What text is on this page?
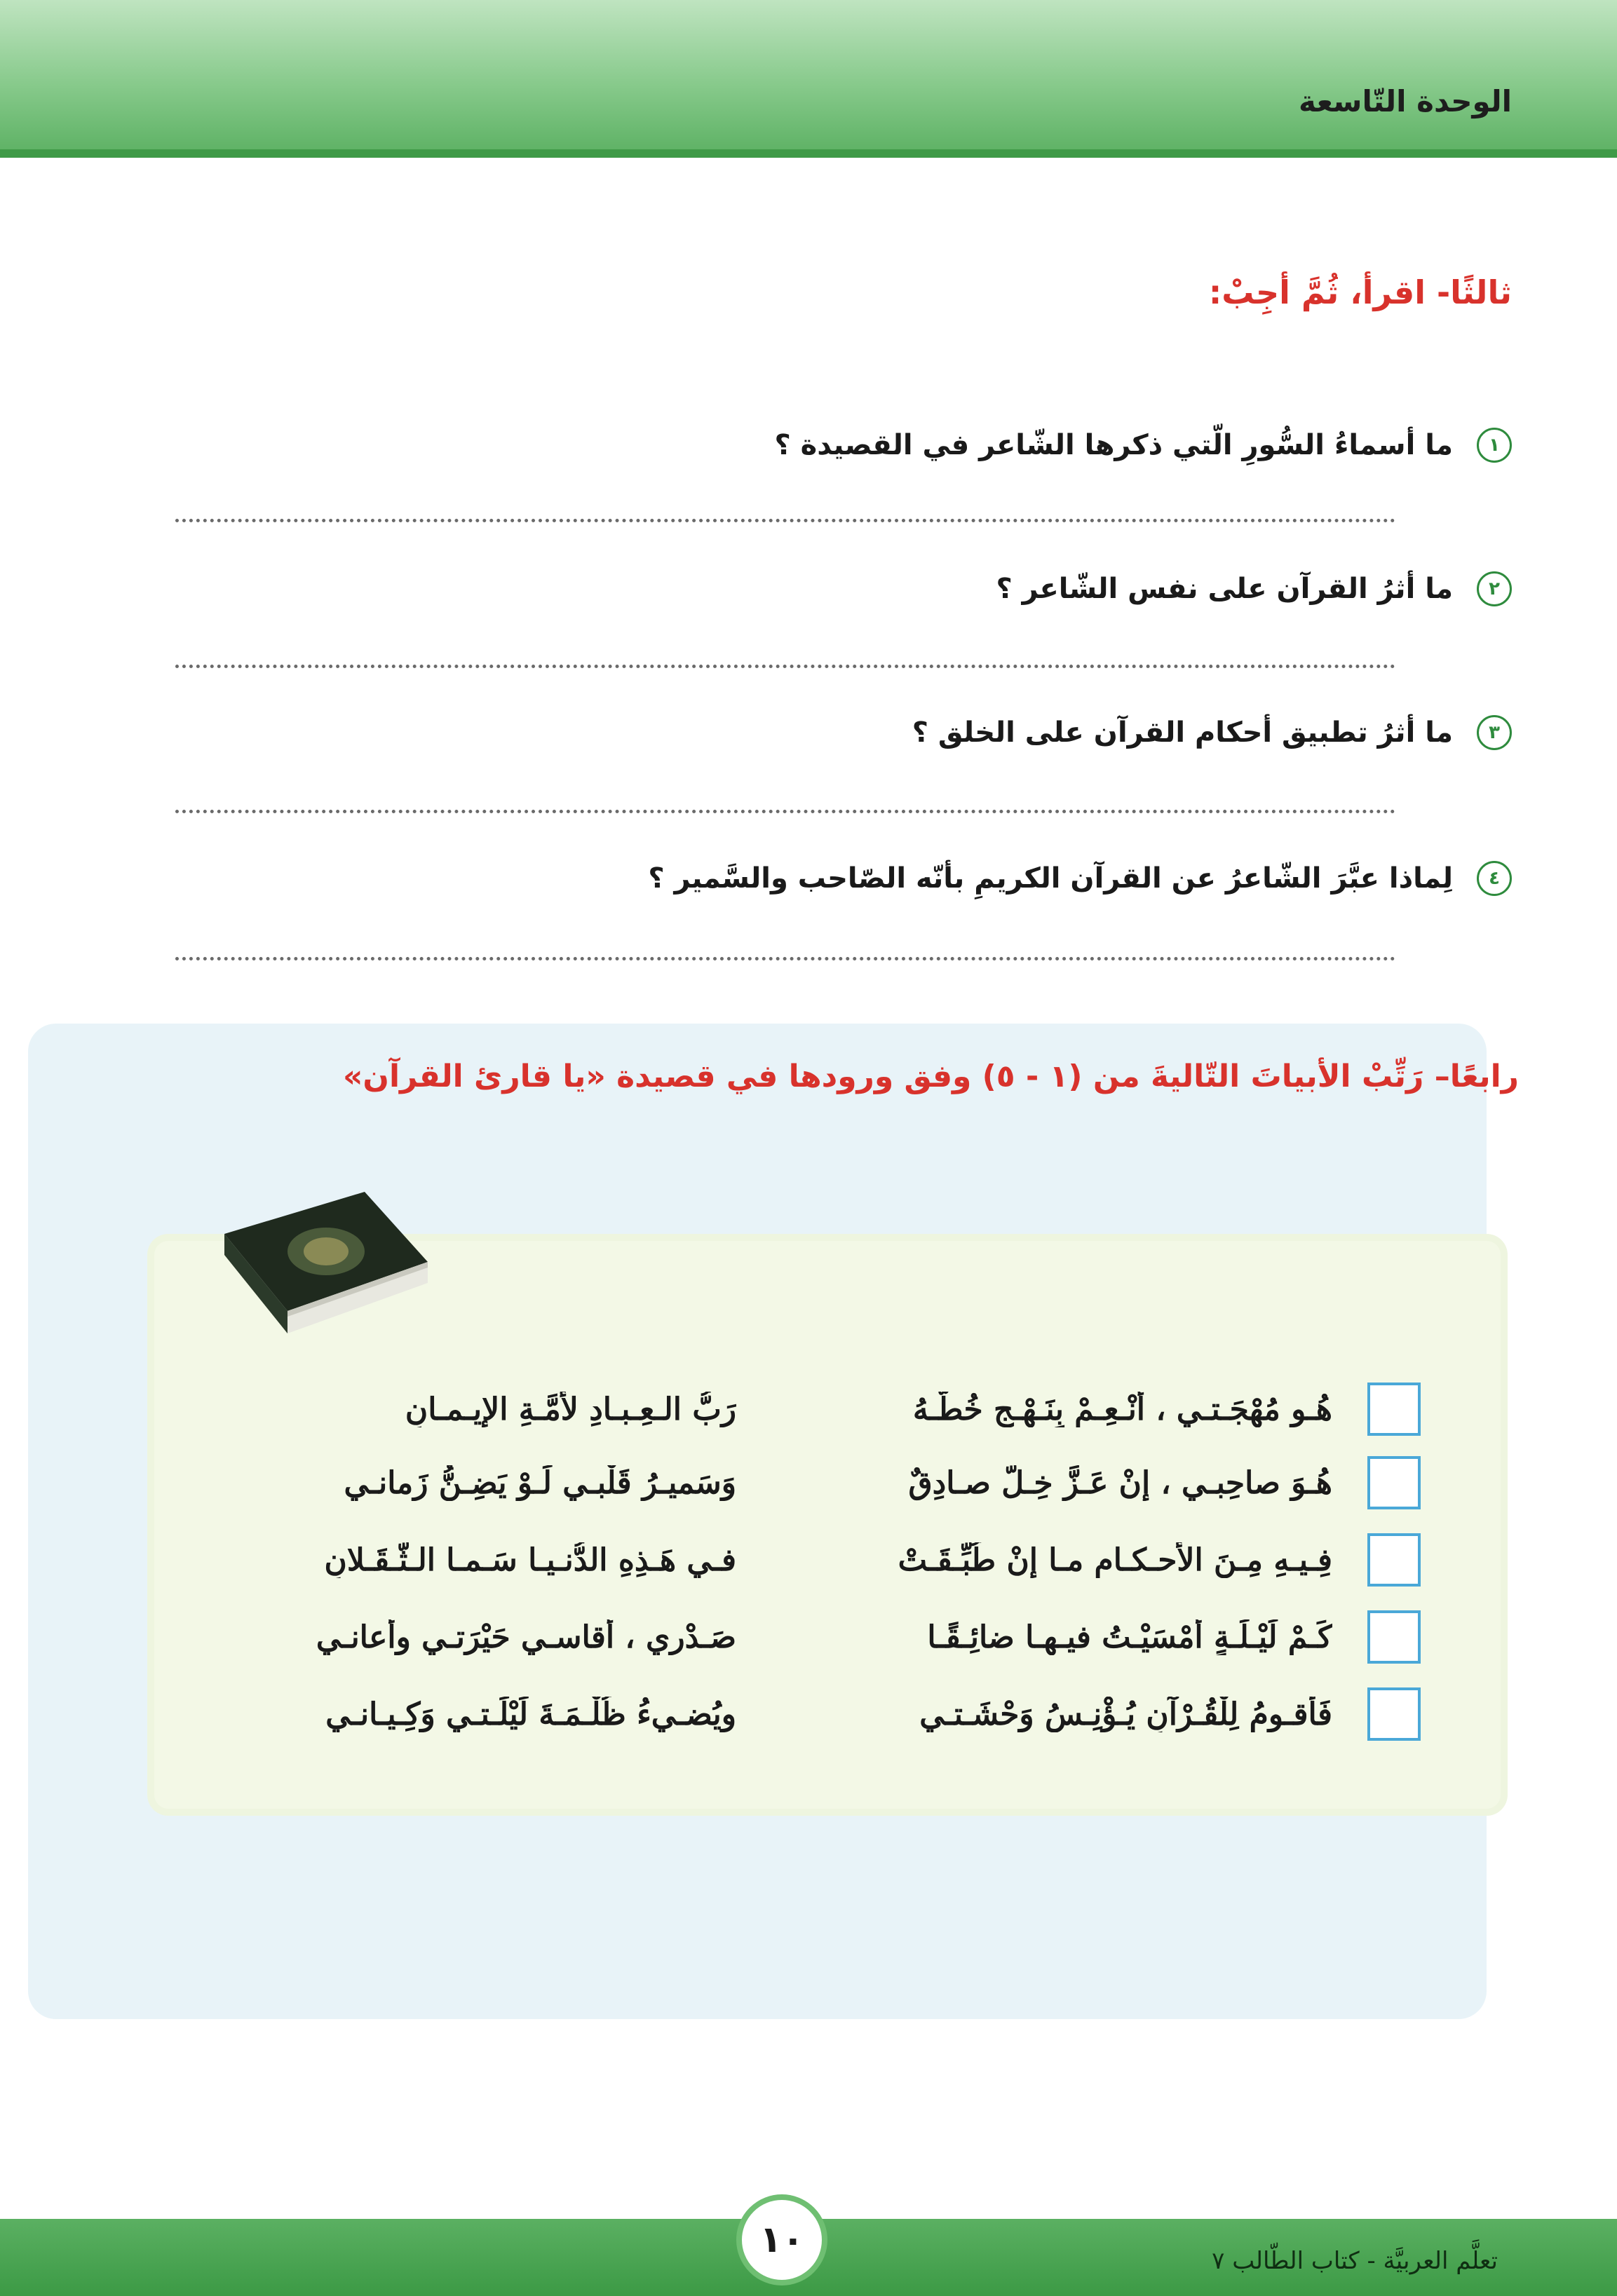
الوحدة التّاسعة
ثالثًا- اقرأ، ثُمَّ أجِبْ:
١
ما أسماءُ السُّورِ الّتي ذكرها الشّاعر في القصيدة ؟
٢
ما أثرُ القرآن على نفس الشّاعر ؟
٣
ما أثرُ تطبيق أحكام القرآن على الخلق ؟
٤
لِماذا عبَّرَ الشّاعرُ عن القرآن الكريمِ بأنّه الصّاحب والسَّمير ؟
رابعًا– رَتِّبْ الأبياتَ التّاليةَ من (١ - ٥) وفق ورودها في قصيدة «يا قارئ القرآن»
هُـو مُهْجَـتـي ، أَنْـعِـمْ بِنَـهْـجِ خُطّـهُ
رَبُّ الـعِـبـادِ لأُمَّـةِ الإيـمـانِ
هُـوَ صاحِبـي ، إِنْ عَـزَّ خِـلٌّ صـادِقٌ
وَسَميـرُ قَلْبـي لَـوْ يَضِـنُّ زَمانـي
فِـيـهِ مِـنَ الأَحـكـامِ مـا إِنْ طُبِّـقَـتْ
فـي هَـذِهِ الدُّنـيـا سَـمـا الـثَّـقَـلانِ
كَـمْ لَيْـلَـةٍ أَمْسَيْـتُ فيـهـا ضائِـقًـا
صَـدْري ، أُقاسـي حَيْرَتـي وأُعانـي
فَأَقـومُ لِلْقُـرْآنِ يُـؤْنِـسُ وَحْشَـتـي
ويُضـيءُ ظُلْـمَـةَ لَيْلَـتـي وَكِـيـانـي
١٠	تعلَّم العربيَّة - كتاب الطّالب ٧
